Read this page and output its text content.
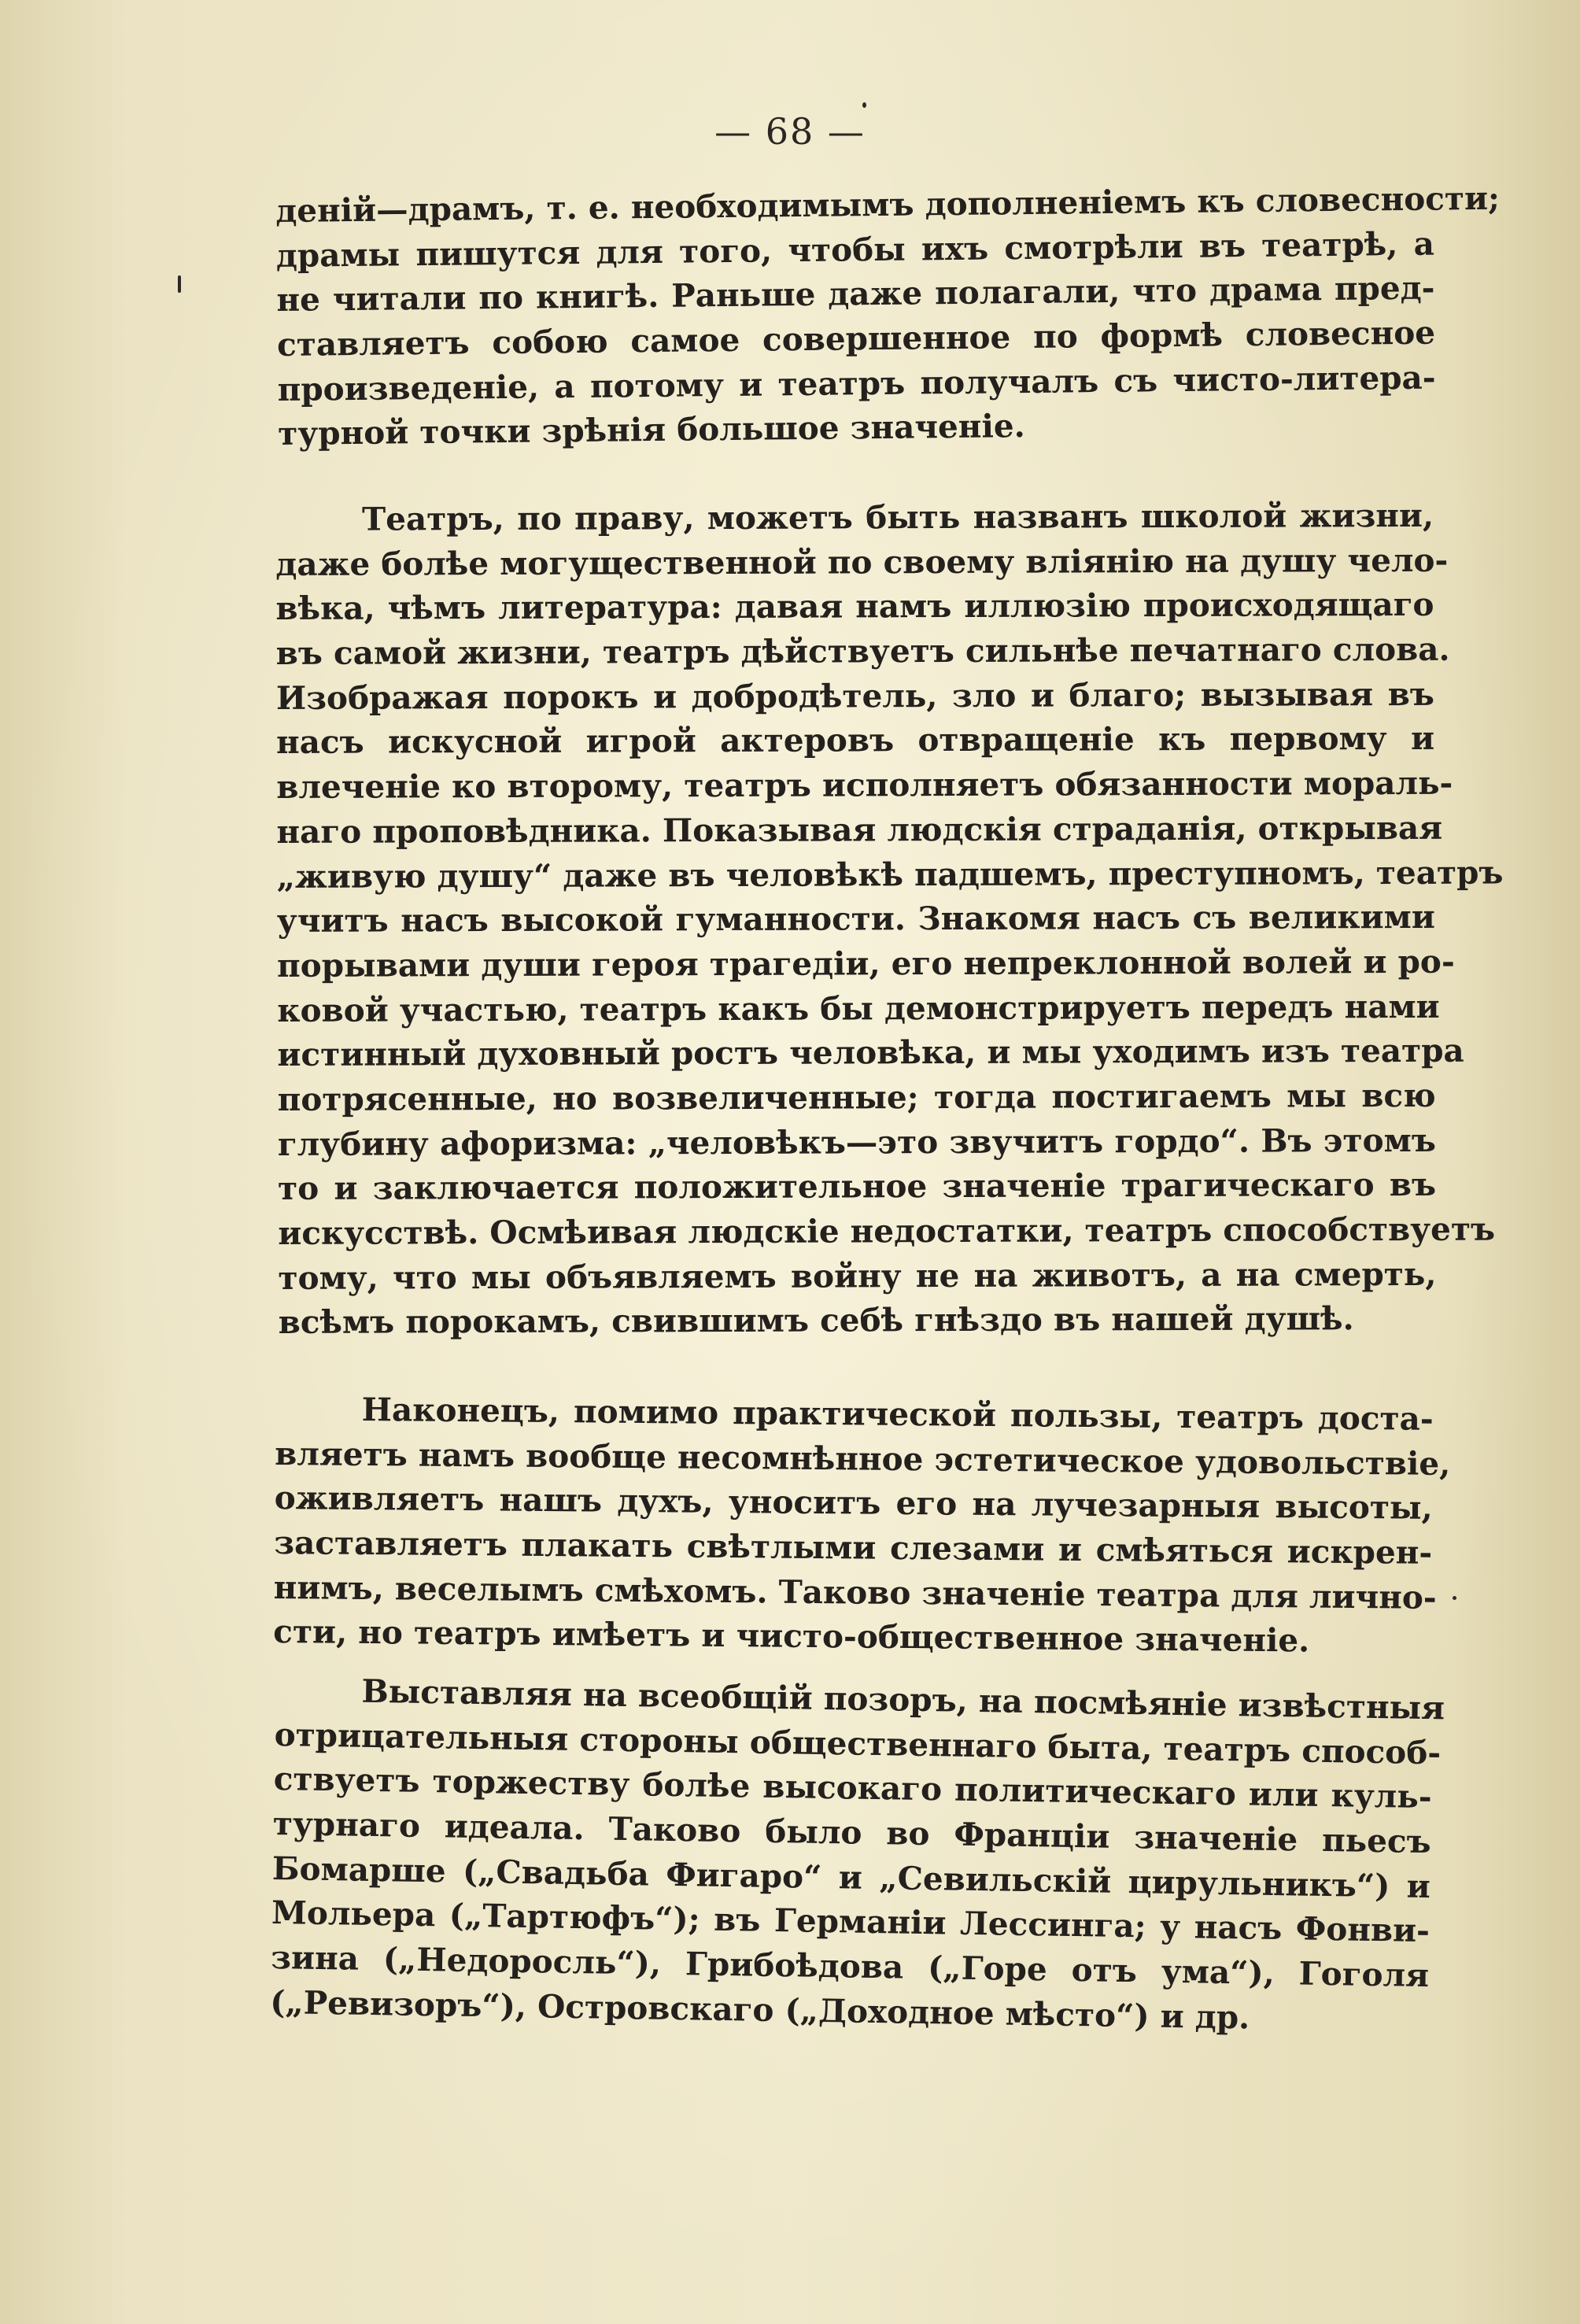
— 68 —
деній—драмъ, т. е. необходимымъ дополненіемъ къ словесности;
драмы пишутся для того, чтобы ихъ смотрѣли въ театрѣ, а
не читали по книгѣ. Раньше даже полагали, что драма пред-
ставляетъ собою самое совершенное по формѣ словесное
произведеніе, а потому и театръ получалъ съ чисто-литера-
турной точки зрѣнія большое значеніе.
Театръ, по праву, можетъ быть названъ школой жизни,
даже болѣе могущественной по своему вліянію на душу чело-
вѣка, чѣмъ литература: давая намъ иллюзію происходящаго
въ самой жизни, театръ дѣйствуетъ сильнѣе печатнаго слова.
Изображая порокъ и добродѣтель, зло и благо; вызывая въ
насъ искусной игрой актеровъ отвращеніе къ первому и
влеченіе ко второму, театръ исполняетъ обязанности мораль-
наго проповѣдника. Показывая людскія страданія, открывая
„живую душу“ даже въ человѣкѣ падшемъ, преступномъ, театръ
учитъ насъ высокой гуманности. Знакомя насъ съ великими
порывами души героя трагедіи, его непреклонной волей и ро-
ковой участью, театръ какъ бы демонстрируетъ передъ нами
истинный духовный ростъ человѣка, и мы уходимъ изъ театра
потрясенные, но возвеличенные; тогда постигаемъ мы всю
глубину афоризма: „человѣкъ—это звучитъ гордо“. Въ этомъ
то и заключается положительное значеніе трагическаго въ
искусствѣ. Осмѣивая людскіе недостатки, театръ способствуетъ
тому, что мы объявляемъ войну не на животъ, а на смерть,
всѣмъ порокамъ, свившимъ себѣ гнѣздо въ нашей душѣ.
Наконецъ, помимо практической пользы, театръ доста-
вляетъ намъ вообще несомнѣнное эстетическое удовольствіе,
оживляетъ нашъ духъ, уноситъ его на лучезарныя высоты,
заставляетъ плакать свѣтлыми слезами и смѣяться искрен-
нимъ, веселымъ смѣхомъ. Таково значеніе театра для лично-
сти, но театръ имѣетъ и чисто-общественное значеніе.
Выставляя на всеобщій позоръ, на посмѣяніе извѣстныя
отрицательныя стороны общественнаго быта, театръ способ-
ствуетъ торжеству болѣе высокаго политическаго или куль-
турнаго идеала. Таково было во Франціи значеніе пьесъ
Бомарше („Свадьба Фигаро“ и „Севильскій цирульникъ“) и
Мольера („Тартюфъ“); въ Германіи Лессинга; у насъ Фонви-
зина („Недоросль“), Грибоѣдова („Горе отъ ума“), Гоголя
(„Ревизоръ“), Островскаго („Доходное мѣсто“) и др.
